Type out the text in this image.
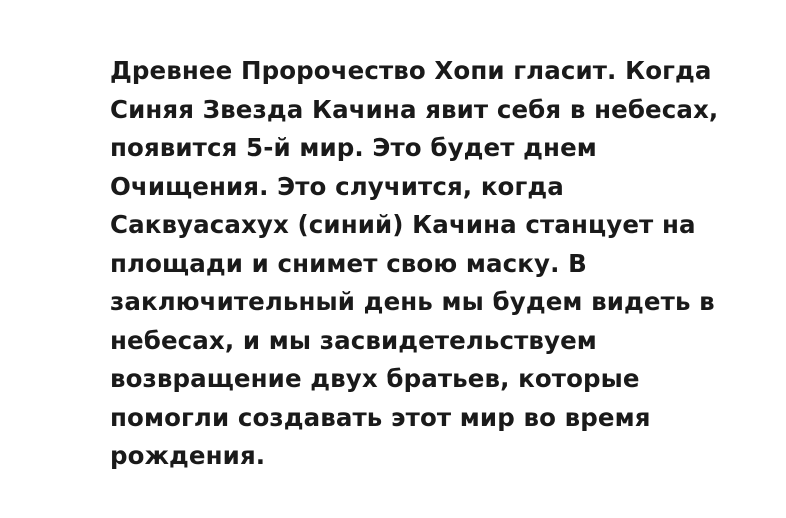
Древнее Пророчество Хопи гласит. Когда Синяя Звезда Качина явит себя в небесах, появится 5-й мир. Это будет днем Очищения. Это случится, когда Саквуасахух (синий) Качина станцует на площади и снимет свою маску. В заключительный день мы будем видеть в небесах, и мы засвидетельствуем возвращение двух братьев, которые помогли создавать этот мир во время рождения.
